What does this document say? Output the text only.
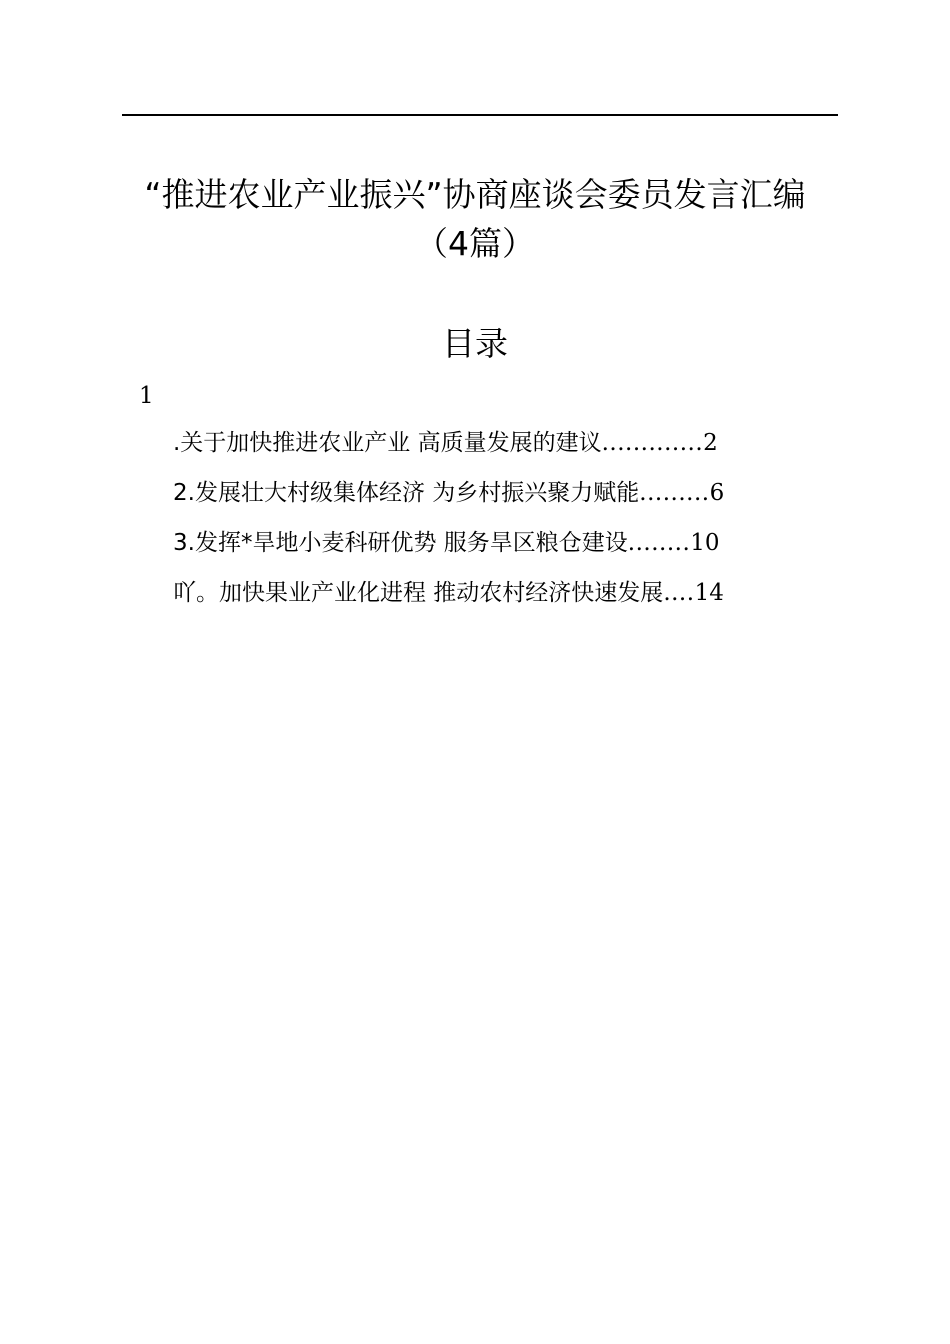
“推进农业产业振兴”协商座谈会委员发言汇编
（4篇）
目录
1
.关于加快推进农业产业 高质量发展的建议.............2
2.发展壮大村级集体经济 为乡村振兴聚力赋能.........6
3.发挥*旱地小麦科研优势 服务旱区粮仓建设........10
吖。加快果业产业化进程 推动农村经济快速发展....14
